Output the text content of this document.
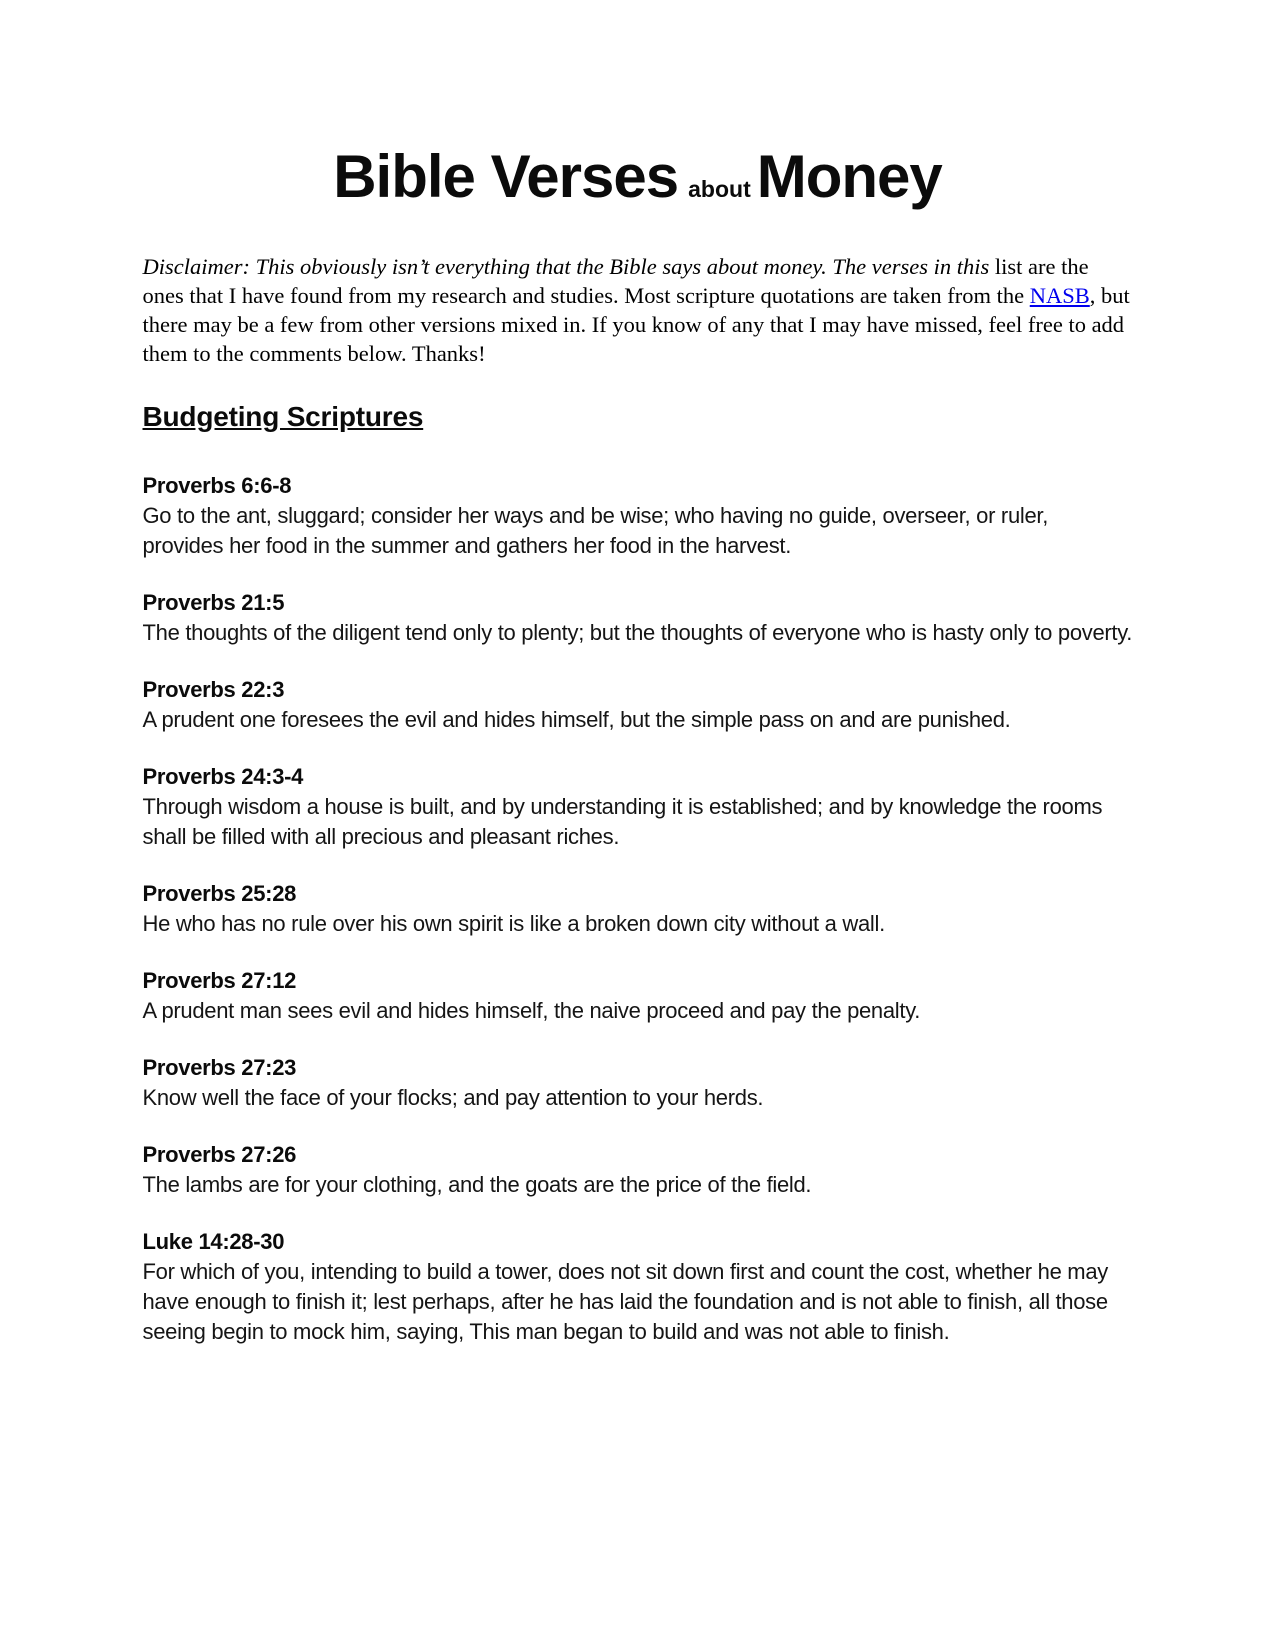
Bible Verses about Money

Disclaimer: This obviously isn’t everything that the Bible says about money. The verses in this list are the ones that I have found from my research and studies. Most scripture quotations are taken from the NASB, but there may be a few from other versions mixed in. If you know of any that I may have missed, feel free to add them to the comments below. Thanks!

Budgeting Scriptures

Proverbs 6:6-8

Go to the ant, sluggard; consider her ways and be wise; who having no guide, overseer, or ruler, provides her food in the summer and gathers her food in the harvest.

Proverbs 21:5

The thoughts of the diligent tend only to plenty; but the thoughts of everyone who is hasty only to poverty.

Proverbs 22:3

A prudent one foresees the evil and hides himself, but the simple pass on and are punished.

Proverbs 24:3-4

Through wisdom a house is built, and by understanding it is established; and by knowledge the rooms shall be filled with all precious and pleasant riches.

Proverbs 25:28

He who has no rule over his own spirit is like a broken down city without a wall.

Proverbs 27:12

A prudent man sees evil and hides himself, the naive proceed and pay the penalty.

Proverbs 27:23

Know well the face of your flocks; and pay attention to your herds.

Proverbs 27:26

The lambs are for your clothing, and the goats are the price of the field.

Luke 14:28-30

For which of you, intending to build a tower, does not sit down first and count the cost, whether he may have enough to finish it; lest perhaps, after he has laid the foundation and is not able to finish, all those seeing begin to mock him, saying, This man began to build and was not able to finish.
